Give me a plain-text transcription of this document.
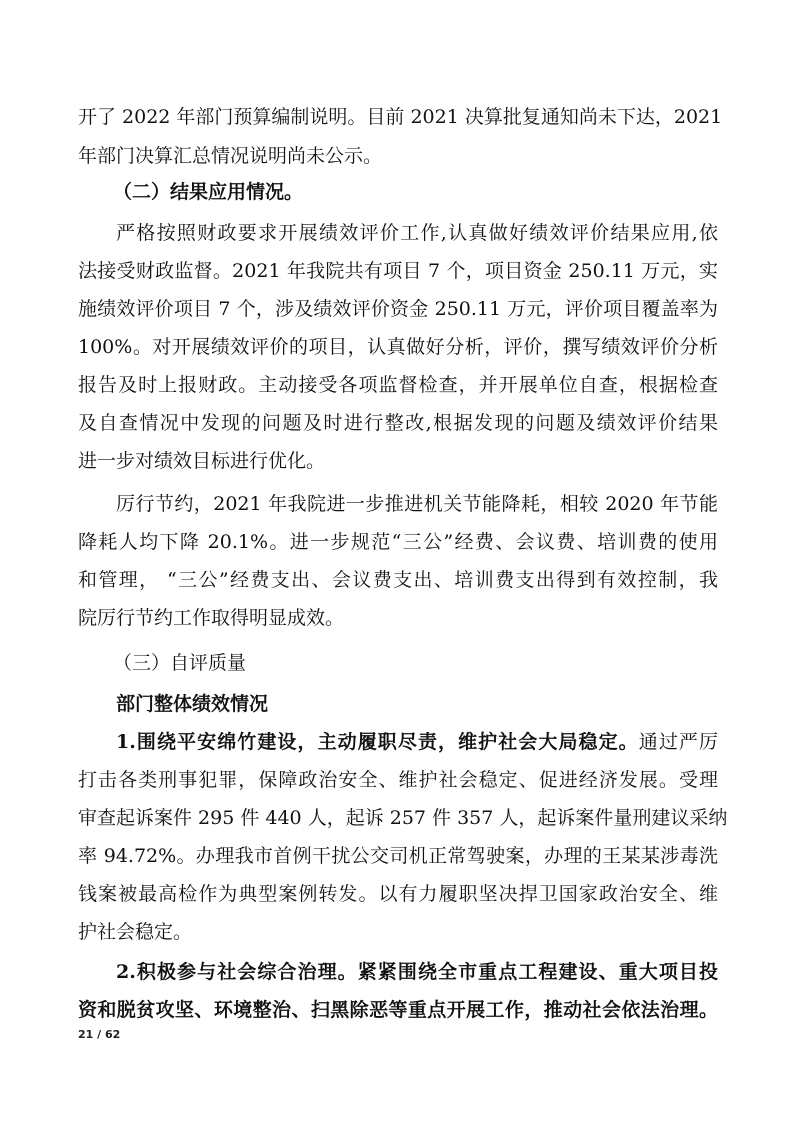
开了 2022 年部门预算编制说明。目前 2021 决算批复通知尚未下达，2021
年部门决算汇总情况说明尚未公示。
（二）结果应用情况。
严格按照财政要求开展绩效评价工作,认真做好绩效评价结果应用,依
法接受财政监督。2021 年我院共有项目 7 个，项目资金 250.11 万元，实
施绩效评价项目 7 个，涉及绩效评价资金 250.11 万元，评价项目覆盖率为
100%。对开展绩效评价的项目，认真做好分析，评价，撰写绩效评价分析
报告及时上报财政。主动接受各项监督检查，并开展单位自查，根据检查
及自查情况中发现的问题及时进行整改,根据发现的问题及绩效评价结果
进一步对绩效目标进行优化。
厉行节约，2021 年我院进一步推进机关节能降耗，相较 2020 年节能
降耗人均下降 20.1%。进一步规范“三公”经费、会议费、培训费的使用
和管理， “三公”经费支出、会议费支出、培训费支出得到有效控制，我
院厉行节约工作取得明显成效。
（三）自评质量
部门整体绩效情况
1.围绕平安绵竹建设，主动履职尽责，维护社会大局稳定。通过严厉
打击各类刑事犯罪，保障政治安全、维护社会稳定、促进经济发展。受理
审查起诉案件 295 件 440 人，起诉 257 件 357 人，起诉案件量刑建议采纳
率 94.72%。办理我市首例干扰公交司机正常驾驶案，办理的王某某涉毒洗
钱案被最高检作为典型案例转发。以有力履职坚决捍卫国家政治安全、维
护社会稳定。
2.积极参与社会综合治理。紧紧围绕全市重点工程建设、重大项目投
资和脱贫攻坚、环境整治、扫黑除恶等重点开展工作，推动社会依法治理。
21 / 62
